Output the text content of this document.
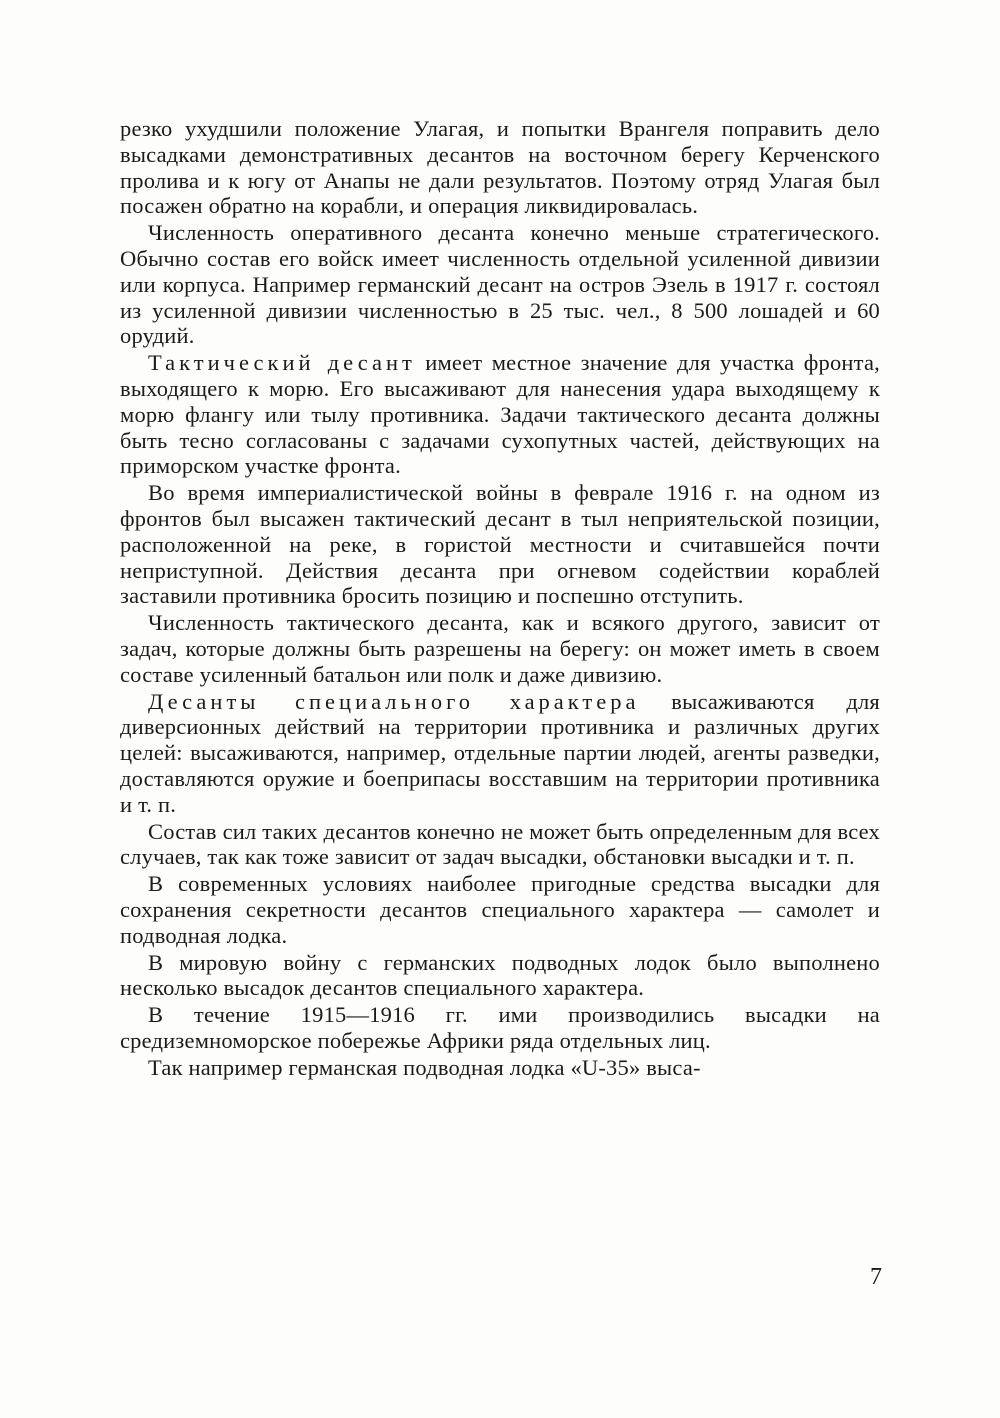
резко ухудшили положение Улагая, и попытки Врангеля поправить дело высадками демонстративных десантов на восточном берегу Керченского пролива и к югу от Анапы не дали результатов. Поэтому отряд Улагая был посажен обратно на корабли, и операция ликвидировалась.

Численность оперативного десанта конечно меньше стратегического. Обычно состав его войск имеет численность отдельной усиленной дивизии или корпуса. Например германский десант на остров Эзель в 1917 г. состоял из усиленной дивизии численностью в 25 тыс. чел., 8 500 лошадей и 60 орудий.

Тактический десант имеет местное значение для участка фронта, выходящего к морю. Его высаживают для нанесения удара выходящему к морю флангу или тылу противника. Задачи тактического десанта должны быть тесно согласованы с задачами сухопутных частей, действующих на приморском участке фронта.

Во время империалистической войны в феврале 1916 г. на одном из фронтов был высажен тактический десант в тыл неприятельской позиции, расположенной на реке, в гористой местности и считавшейся почти неприступной. Действия десанта при огневом содействии кораблей заставили противника бросить позицию и поспешно отступить.

Численность тактического десанта, как и всякого другого, зависит от задач, которые должны быть разрешены на берегу: он может иметь в своем составе усиленный батальон или полк и даже дивизию.

Десанты специального характера высаживаются для диверсионных действий на территории противника и различных других целей: высаживаются, например, отдельные партии людей, агенты разведки, доставляются оружие и боеприпасы восставшим на территории противника и т. п.

Состав сил таких десантов конечно не может быть определенным для всех случаев, так как тоже зависит от задач высадки, обстановки высадки и т. п.

В современных условиях наиболее пригодные средства высадки для сохранения секретности десантов специального характера — самолет и подводная лодка.

В мировую войну с германских подводных лодок было выполнено несколько высадок десантов специального характера.

В течение 1915—1916 гг. ими производились высадки на средиземноморское побережье Африки ряда отдельных лиц.

Так например германская подводная лодка «U-35» выса-

7
